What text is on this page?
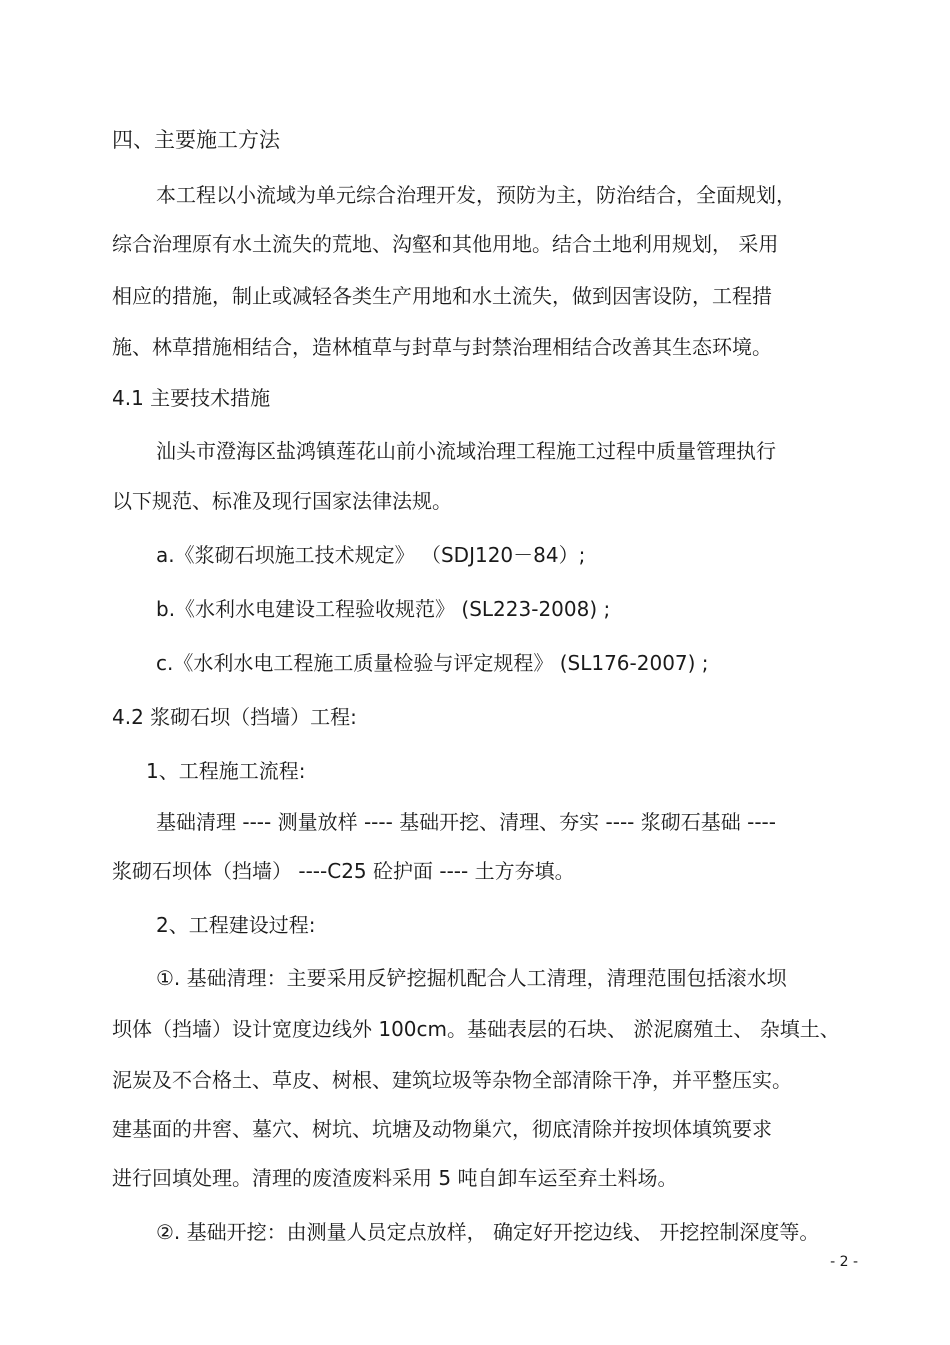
四、主要施工方法
本工程以小流域为单元综合治理开发，预防为主，防治结合，全面规划，
综合治理原有水土流失的荒地、沟壑和其他用地。结合土地利用规划， 采用
相应的措施，制止或减轻各类生产用地和水土流失，做到因害设防，工程措
施、林草措施相结合，造林植草与封草与封禁治理相结合改善其生态环境。
4.1 主要技术措施
汕头市澄海区盐鸿镇莲花山前小流域治理工程施工过程中质量管理执行
以下规范、标准及现行国家法律法规。
a.《浆砌石坝施工技术规定》 （SDJ120－84）;
b.《水利水电建设工程验收规范》 (SL223-2008) ;
c.《水利水电工程施工质量检验与评定规程》 (SL176-2007) ;
4.2 浆砌石坝（挡墙）工程:
1、工程施工流程:
基础清理 ---- 测量放样 ---- 基础开挖、清理、夯实 ---- 浆砌石基础 ----
浆砌石坝体（挡墙） ----C25 砼护面 ---- 土方夯填。
2、工程建设过程:
①. 基础清理：主要采用反铲挖掘机配合人工清理，清理范围包括滚水坝
坝体（挡墙）设计宽度边线外 100cm。基础表层的石块、 淤泥腐殖土、 杂填土、
泥炭及不合格土、草皮、树根、建筑垃圾等杂物全部清除干净，并平整压实。
建基面的井窖、墓穴、树坑、坑塘及动物巢穴，彻底清除并按坝体填筑要求
进行回填处理。清理的废渣废料采用 5 吨自卸车运至弃土料场。
②. 基础开挖：由测量人员定点放样， 确定好开挖边线、 开挖控制深度等。
- 2 -
